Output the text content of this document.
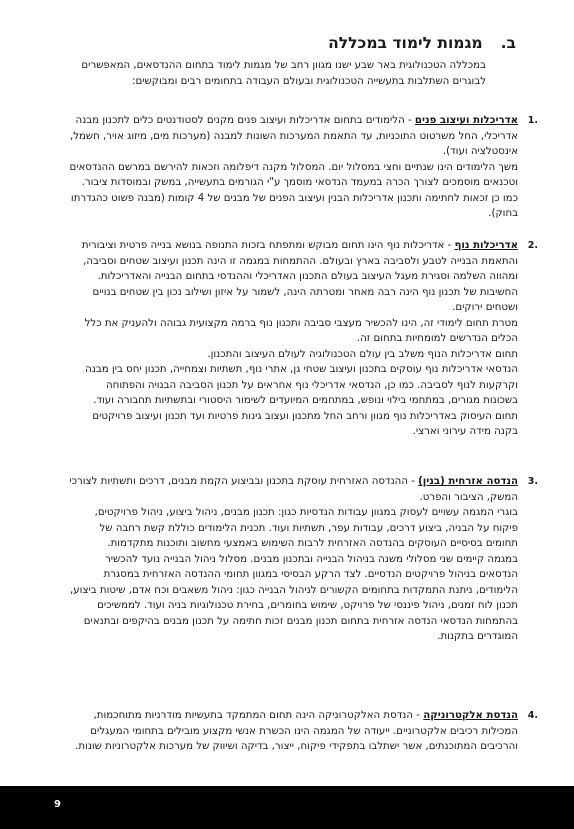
ב.מגמות לימוד במכללה

במכללה הטכנולוגית באר שבע ישנו מגוון רחב של מגמות לימוד בתחום ההנדסאים, המאפשרים לבוגרים השתלבות בתעשייה הטכנולוגית ובעולם העבודה בתחומים רבים ומבוקשים:

.1

אדריכלות ועיצוב פנים - הלימודים בתחום אדריכלות ועיצוב פנים מקנים לסטודנטים כלים לתכנון מבנה אדריכלי, החל משרטוט התוכניות, עד התאמת המערכות השונות למבנה (מערכות מים, מיזוג אויר, חשמל, אינסטלציה ועוד).

משך הלימודים הינו שנתיים וחצי במסלול יום. המסלול מקנה דיפלומה וזכאות להירשם במרשם ההנדסאים וטכנאים מוסמכים לצורך הכרה במעמד הנדסאי מוסמך ע"י הגורמים בתעשייה, במשק ובמוסדות ציבור. כמו כן זכאות לחתימה ותכנון אדריכלות הבנין ועיצוב הפנים של מבנים של 4 קומות (מבנה פשוט כהגדרתו בחוק).

.2

אדריכלות נוף - אדריכלות נוף הינו תחום מבוקש ומתפתח בזכות התנופה בנושא בנייה פרטית וציבורית והתאמת הבנייה לטבע ולסביבה בארץ ובעולם. ההתמחות במגמה זו הינה תכנון ועיצוב שטחים וסביבה, ומהווה השלמה וסגירת מעגל העיצוב בעולם התכנון האדריכלי וההנדסי בתחום הבנייה והאדריכלות. החשיבות של תכנון נוף הינה רבה מאחר ומטרתה הינה, לשמור על איזון ושילוב נכון בין שטחים בנויים ושטחים ירוקים.

מטרת תחום לימודי זה, הינו להכשיר מעצבי סביבה ותכנון נוף ברמה מקצועית גבוהה ולהעניק את כלל הכלים הנדרשים למומחיות בתחום זה.

תחום אדריכלות הנוף משלב בין עולם הטכנולוגיה לעולם העיצוב והתכנון.

הנדסאי אדריכלות נוף עוסקים בתכנון ועיצוב שטחי גן, אתרי נוף, תשתיות וצמחייה, תכנון יחס בין מבנה וקרקעות לנוף לסביבה. כמו כן, הנדסאי אדריכלי נוף אחראים על תכנון הסביבה הבנויה והפתוחה בשכונות מגורים, במתחמי בילוי ונופש, במתחמים המיועדים לשימור היסטורי ובתשתיות תחבורה ועוד. תחום העיסוק באדריכלות נוף מגוון ורחב החל מתכנון ועצוב גינות פרטיות ועד תכנון ועיצוב פרויקטים בקנה מידה עירוני וארצי.

.3

הנדסה אזרחית (בנין) - ההנדסה האזרחית עוסקת בתכנון ובביצוע הקמת מבנים, דרכים ותשתיות לצורכי המשק, הציבור והפרט.

בוגרי המגמה עשויים לעסוק במגוון עבודות הנדסיות כגון: תכנון מבנים, ניהול ביצוע, ניהול פרויקטים, פיקוח על הבניה, ביצוע דרכים, עבודות עפר, תשתיות ועוד. תכנית הלימודים כוללת קשת רחבה של תחומים בסיסיים העוסקים בהנדסה האזרחית לרבות השימוש באמצעי מחשוב ותוכנות מתקדמות.

במגמה קיימים שני מסלולי משנה בניהול הבנייה ובתכנון מבנים. מסלול ניהול הבנייה נועד להכשיר הנדסאים בניהול פרויקטים הנדסיים. לצד הרקע הבסיסי במגוון תחומי ההנדסה האזרחית במסגרת הלימודים, ניתנת התמקדות בתחומים הקשורים לניהול הבנייה כגון: ניהול משאבים וכח אדם, שיטות ביצוע, תכנון לוח זמנים, ניהול פיננסי של פרויקט, שימוש בחומרים, בחירת טכנולוגיות בניה ועוד. לממשיכים בהתמחות הנדסאי הנדסה אזרחית בתחום תכנון מבנים זכות חתימה על תכנון מבנים בהיקפים ובתנאים המוגדרים בתקנות.

.4

הנדסת אלקטרוניקה - הנדסת האלקטרוניקה הינה תחום המתמקד בתעשיות מודרניות מתוחכמות, המכילות רכיבים אלקטרוניים. ייעודה של המגמה הינו הכשרת אנשי מקצוע מובילים בתחומי המעגלים והרכיבים המתוכנתים, אשר ישתלבו בתפקידי פיקוח, ייצור, בדיקה ושיווק של מערכות אלקטרוניות שונות.

9
